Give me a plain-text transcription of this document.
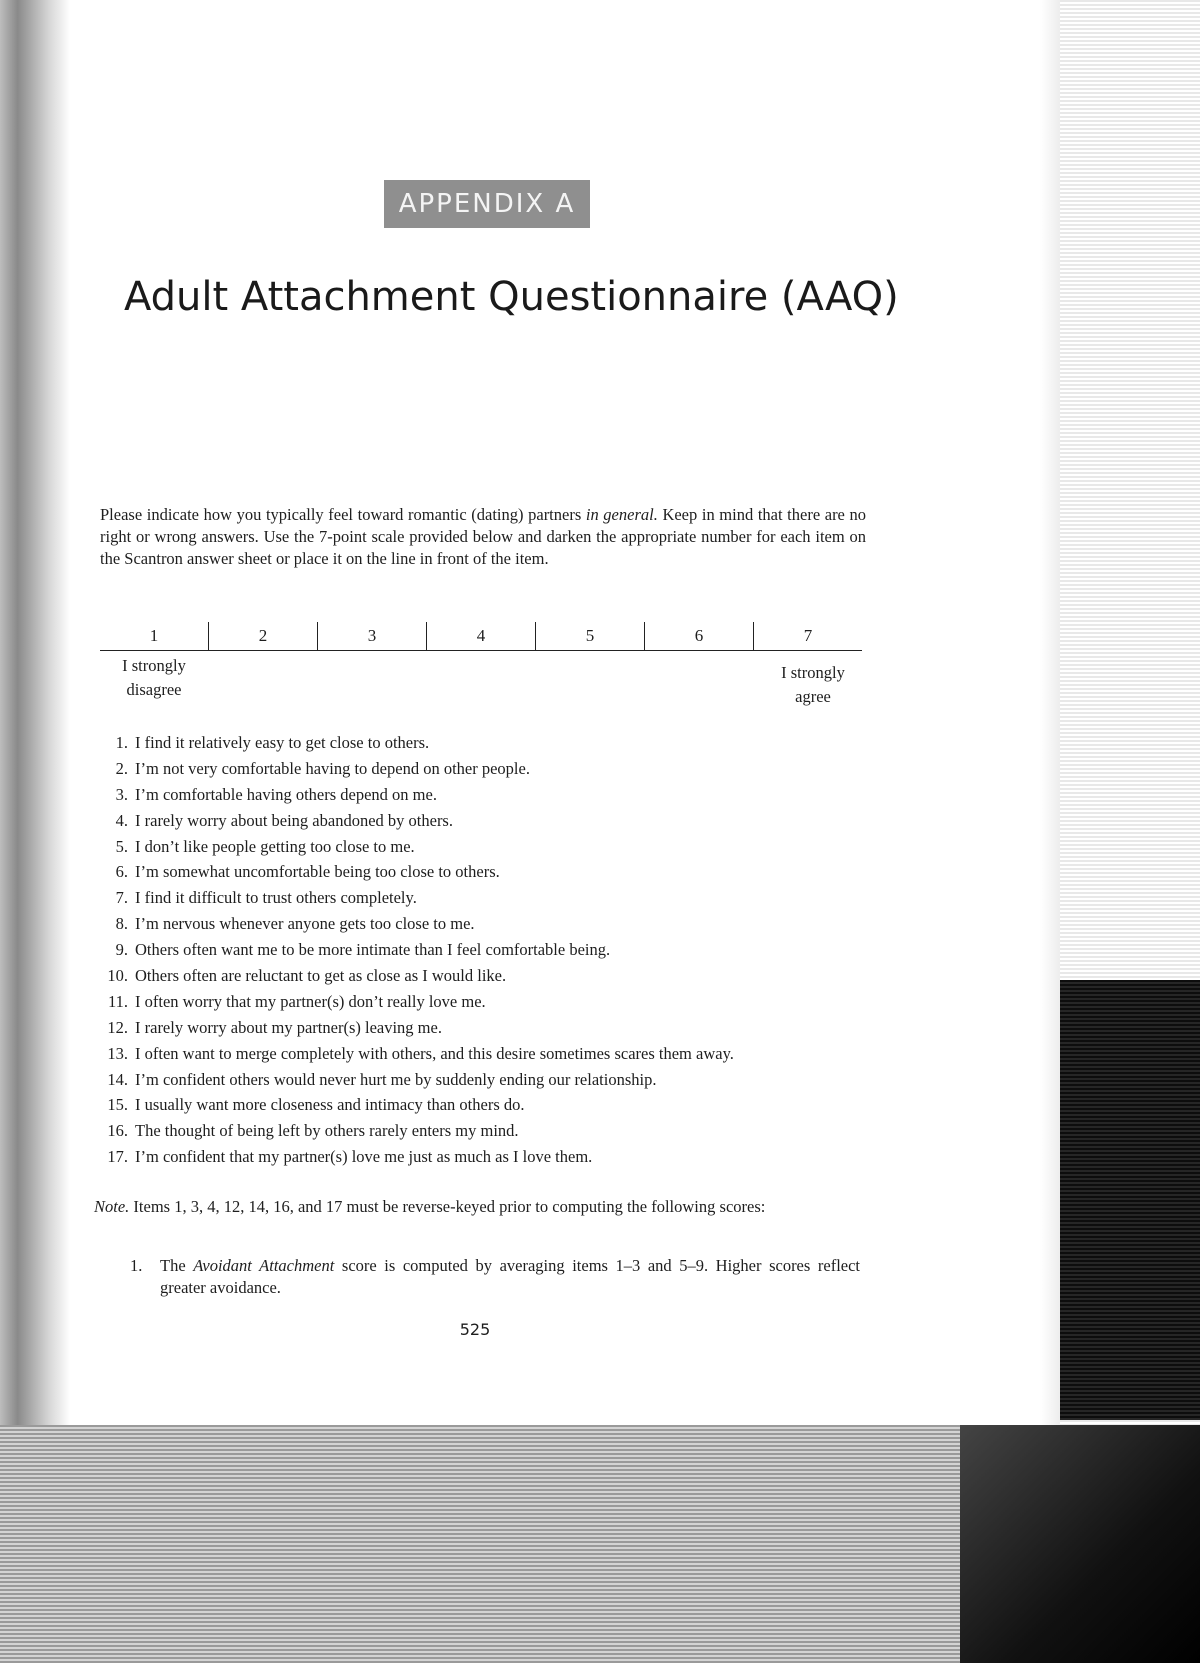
APPENDIX A
Adult Attachment Questionnaire (AAQ)

Please indicate how you typically feel toward romantic (dating) partners in general. Keep in mind that there are no right or wrong answers. Use the 7-point scale provided below and darken the appropriate number for each item on the Scantron answer sheet or place it on the line in front of the item.

1	2	3	4	5	6	7
I strongly
disagree
I strongly
agree
1. I find it relatively easy to get close to others.
2. I’m not very comfortable having to depend on other people.
3. I’m comfortable having others depend on me.
4. I rarely worry about being abandoned by others.
5. I don’t like people getting too close to me.
6. I’m somewhat uncomfortable being too close to others.
7. I find it difficult to trust others completely.
8. I’m nervous whenever anyone gets too close to me.
9. Others often want me to be more intimate than I feel comfortable being.
10. Others often are reluctant to get as close as I would like.
11. I often worry that my partner(s) don’t really love me.
12. I rarely worry about my partner(s) leaving me.
13. I often want to merge completely with others, and this desire sometimes scares them away.
14. I’m confident others would never hurt me by suddenly ending our relationship.
15. I usually want more closeness and intimacy than others do.
16. The thought of being left by others rarely enters my mind.
17. I’m confident that my partner(s) love me just as much as I love them.

Note. Items 1, 3, 4, 12, 14, 16, and 17 must be reverse-keyed prior to computing the following scores:

1.	The Avoidant Attachment score is computed by averaging items 1–3 and 5–9. Higher scores reflect greater avoidance.
525
